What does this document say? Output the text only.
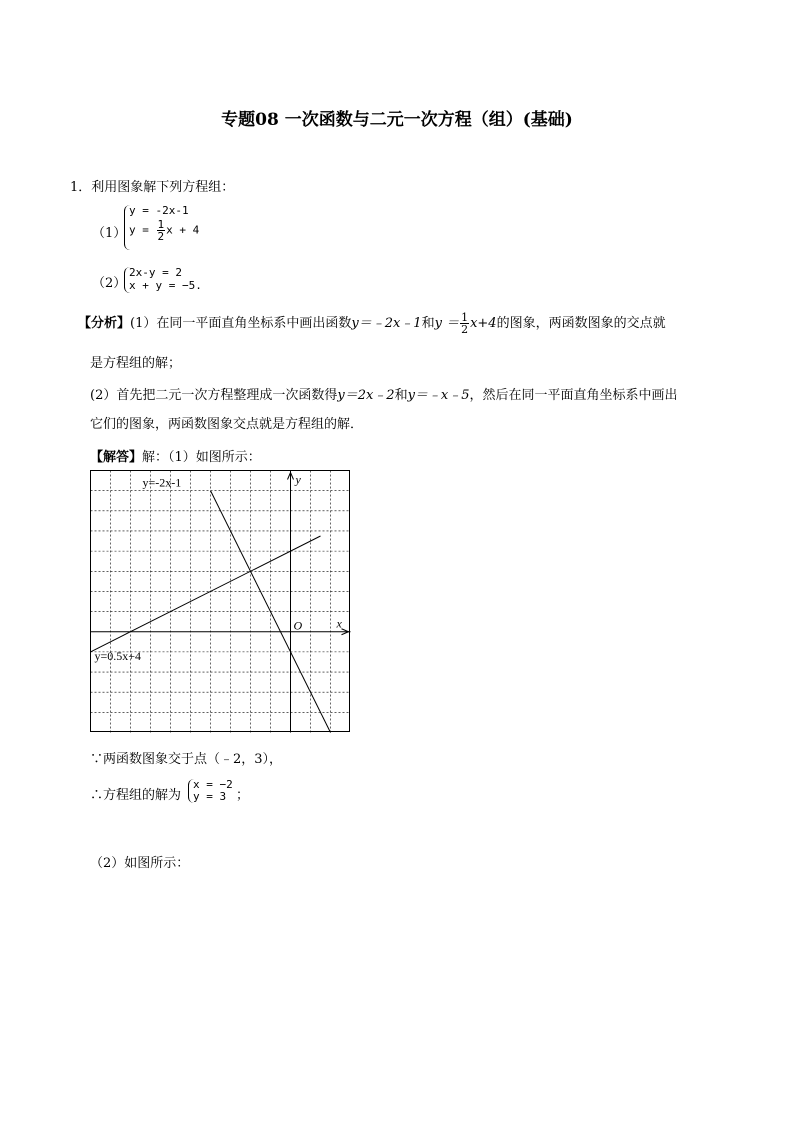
专题08 一次函数与二元一次方程（组）(基础)
1．利用图象解下列方程组：
（1）
y = -2x-1
$y = \frac{1}{2}$ x + 4
（2）
2x-y = 2
x + y = −5.
【分析】(1）在同一平面直角坐标系中画出函数y＝﹣2x﹣1和$y = \frac{1}{2} x+4$的图象，两函数图象的交点就
是方程组的解；
(2）首先把二元一次方程整理成一次函数得y＝2x﹣2和y＝﹣x﹣5，然后在同一平面直角坐标系中画出
它们的图象，两函数图象交点就是方程组的解．
【解答】解：（1）如图所示：
y=-2x-1
y=0.5x+4
x
y
O
∵两函数图象交于点（﹣2，3），
∴方程组的解为
x = −2
y = 3 ；
（2）如图所示：
